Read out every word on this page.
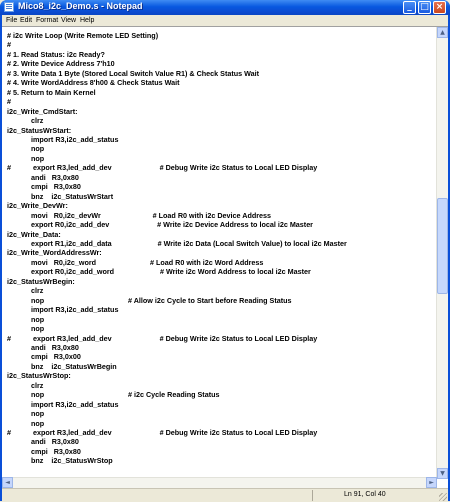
Mico8_i2c_Demo.s - Notepad	_ □ ×
File Edit Format View Help
# i2c Write Loop (Write Remote LED Setting)
#
# 1. Read Status: i2c Ready?
# 2. Write Device Address 7'h10
# 3. Write Data 1 Byte (Stored Local Switch Value R1) & Check Status Wait
# 4. Write WordAddress 8'h00 & Check Status Wait
# 5. Return to Main Kernel
#
i2c_Write_CmdStart:
clrz
i2c_StatusWrStart:
import R3,i2c_add_status
nop
nop
#           export R3,led_add_dev                        # Debug Write i2c Status to Local LED Display
andi   R3,0x80
cmpi   R3,0x80
bnz    i2c_StatusWrStart
i2c_Write_DevWr:
movi   R0,i2c_devWr                          # Load R0 with i2c Device Address
export R0,i2c_add_dev                        # Write i2c Device Address to local i2c Master
i2c_Write_Data:
export R1,i2c_add_data                       # Write i2c Data (Local Switch Value) to local i2c Master
i2c_Write_WordAddressWr:
movi   R0,i2c_word                           # Load R0 with i2c Word Address
export R0,i2c_add_word                       # Write i2c Word Address to local i2c Master
i2c_StatusWrBegin:
clrz
nop                                          # Allow i2c Cycle to Start before Reading Status
import R3,i2c_add_status
nop
nop
#           export R3,led_add_dev                        # Debug Write i2c Status to Local LED Display
andi   R3,0x80
cmpi   R3,0x00
bnz    i2c_StatusWrBegin
i2c_StatusWrStop:
clrz
nop                                          # i2c Cycle Reading Status
import R3,i2c_add_status
nop
nop
#           export R3,led_add_dev                        # Debug Write i2c Status to Local LED Display
andi   R3,0x80
cmpi   R3,0x80
bnz    i2c_StatusWrStop
▲
▼
◄	►
Ln 91, Col 40
